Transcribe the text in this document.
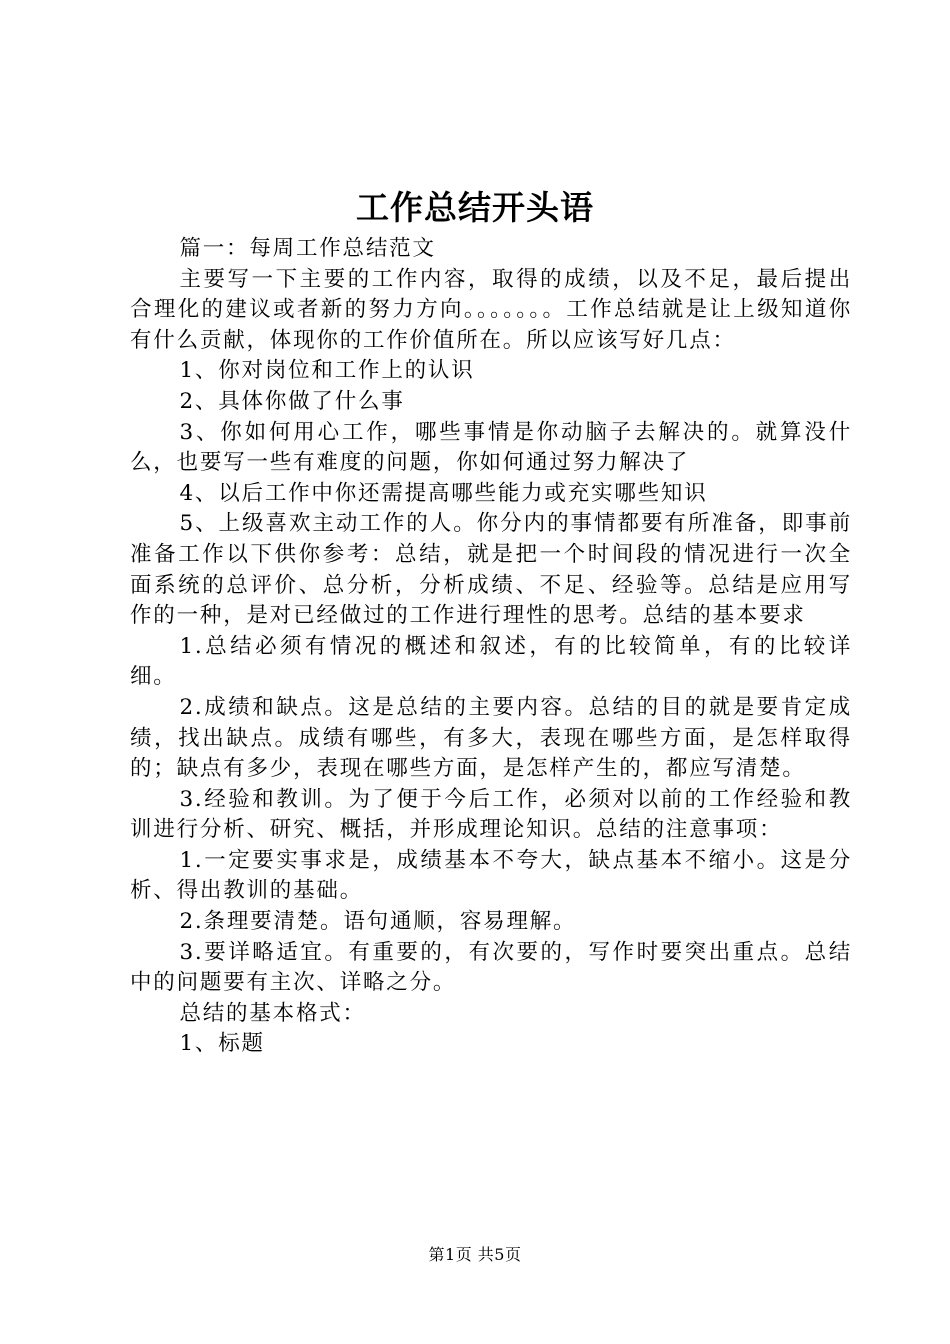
工作总结开头语

篇一：每周工作总结范文

主要写一下主要的工作内容，取得的成绩，以及不足，最后提出合理化的建议或者新的努力方向。。。。。。。工作总结就是让上级知道你有什么贡献，体现你的工作价值所在。所以应该写好几点：

1、你对岗位和工作上的认识

2、具体你做了什么事

3、你如何用心工作，哪些事情是你动脑子去解决的。就算没什么，也要写一些有难度的问题，你如何通过努力解决了

4、以后工作中你还需提高哪些能力或充实哪些知识

5、上级喜欢主动工作的人。你分内的事情都要有所准备，即事前准备工作以下供你参考：总结，就是把一个时间段的情况进行一次全面系统的总评价、总分析，分析成绩、不足、经验等。总结是应用写作的一种，是对已经做过的工作进行理性的思考。总结的基本要求

1.总结必须有情况的概述和叙述，有的比较简单，有的比较详细。

2.成绩和缺点。这是总结的主要内容。总结的目的就是要肯定成绩，找出缺点。成绩有哪些，有多大，表现在哪些方面，是怎样取得的；缺点有多少，表现在哪些方面，是怎样产生的，都应写清楚。

3.经验和教训。为了便于今后工作，必须对以前的工作经验和教训进行分析、研究、概括，并形成理论知识。总结的注意事项：

1.一定要实事求是，成绩基本不夸大，缺点基本不缩小。这是分析、得出教训的基础。

2.条理要清楚。语句通顺，容易理解。

3.要详略适宜。有重要的，有次要的，写作时要突出重点。总结中的问题要有主次、详略之分。

总结的基本格式：

1、标题

第1页 共5页
